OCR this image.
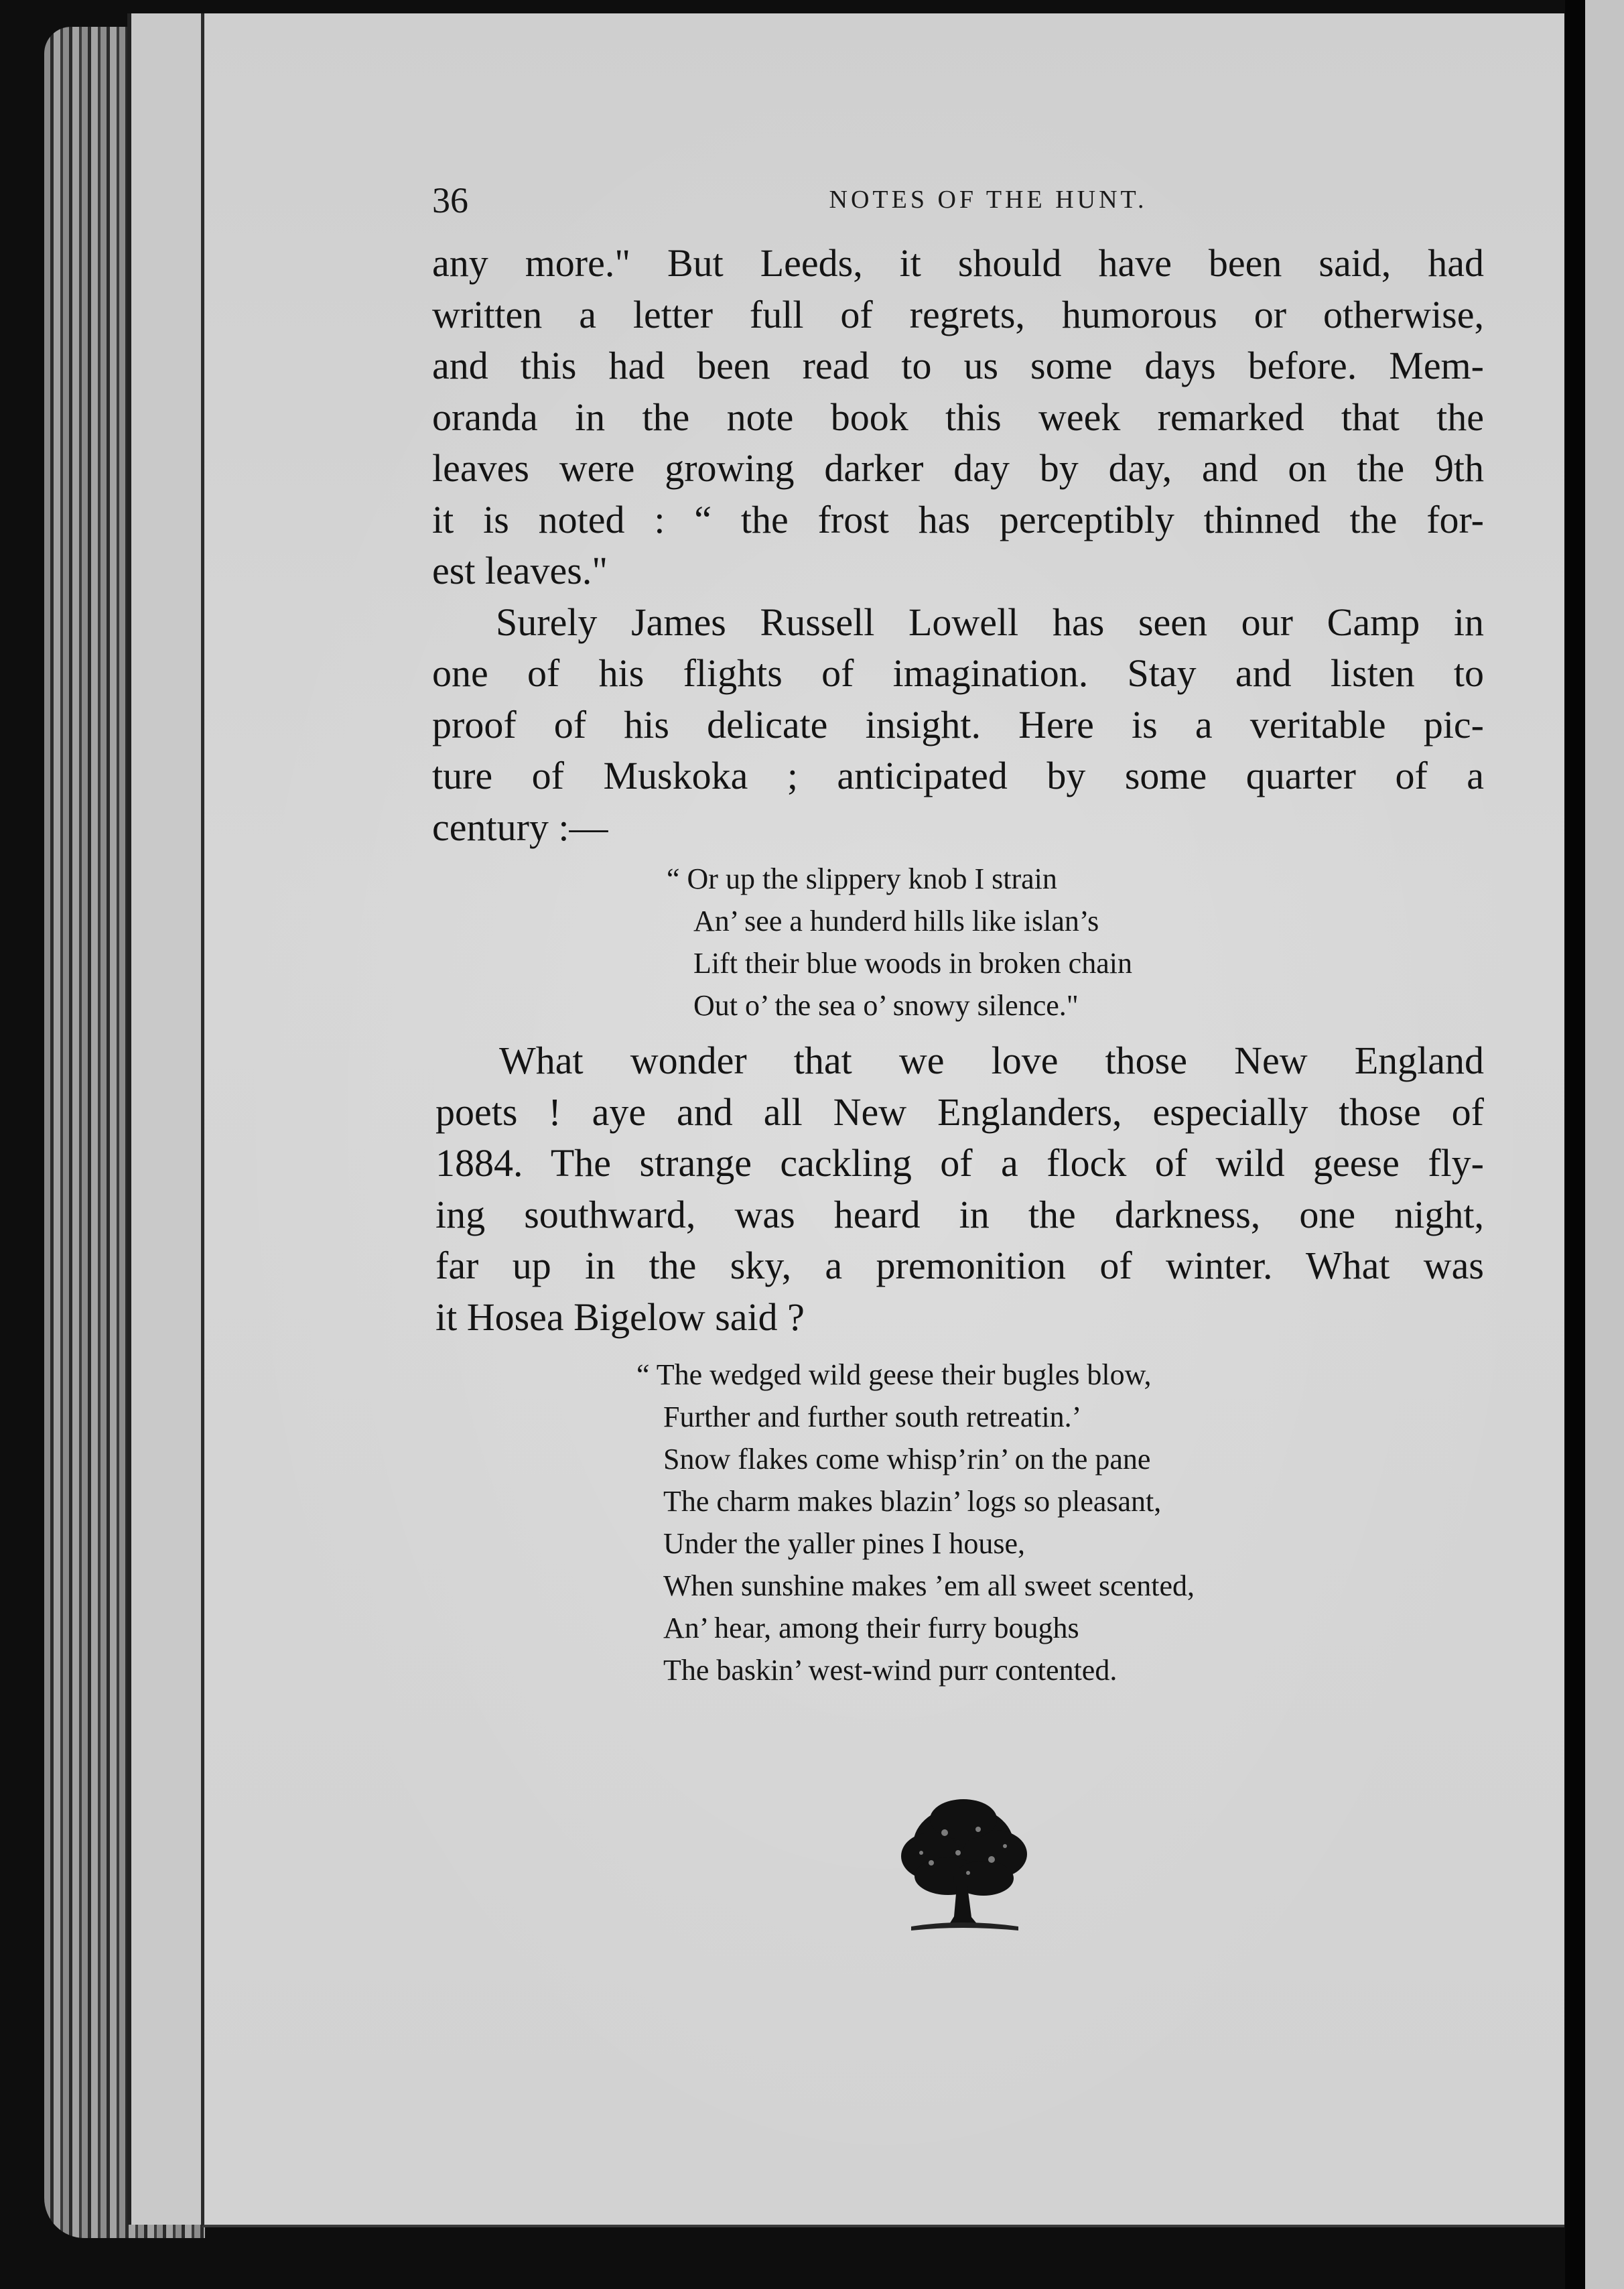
36	NOTES OF THE HUNT.
any more." But Leeds, it should have been said, had
written a letter full of regrets, humorous or otherwise,
and this had been read to us some days before. Mem-
oranda in the note book this week remarked that the
leaves were growing darker day by day, and on the 9th
it is noted : “ the frost has perceptibly thinned the for-
est leaves."
Surely James Russell Lowell has seen our Camp in
one of his flights of imagination. Stay and listen to
proof of his delicate insight. Here is a veritable pic-
ture of Muskoka ; anticipated by some quarter of a
century :—
“ Or up the slippery knob I strain
An’ see a hunderd hills like islan’s
Lift their blue woods in broken chain
Out o’ the sea o’ snowy silence."
What wonder that we love those New England
poets ! aye and all New Englanders, especially those of
1884. The strange cackling of a flock of wild geese fly-
ing southward, was heard in the darkness, one night,
far up in the sky, a premonition of winter. What was
it Hosea Bigelow said ?
“ The wedged wild geese their bugles blow,
Further and further south retreatin.’
Snow flakes come whisp’rin’ on the pane
The charm makes blazin’ logs so pleasant,
Under the yaller pines I house,
When sunshine makes ’em all sweet scented,
An’ hear, among their furry boughs
The baskin’ west-wind purr contented.
